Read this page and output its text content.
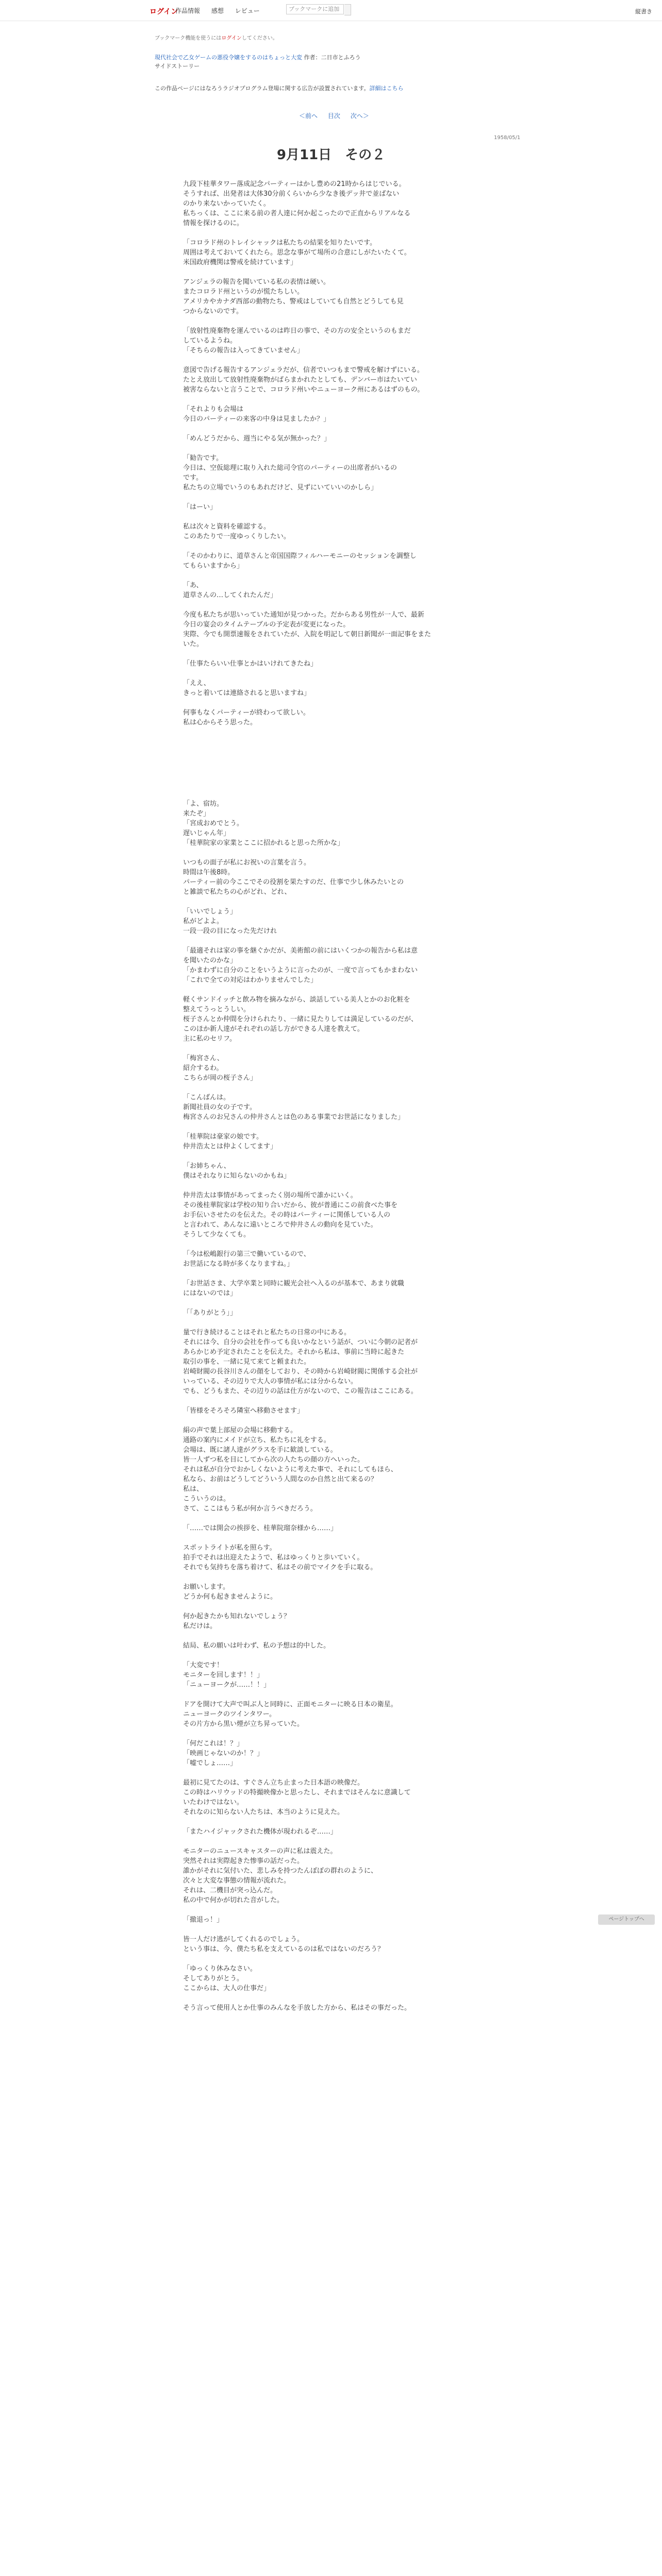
ログイン
作品情報 感想 レビュー	ブックマークに追加	縦書き
ブックマーク機能を使うにはログインしてください。
現代社会で乙女ゲームの悪役令嬢をするのはちょっと大変 作者：二日市とふろう
サイドストーリー
この作品ページにはなろうラジオプログラム登場に関する広告が設置されています。詳細はこちら
＜前へ 目次 次へ＞
1958/05/1
9月11日　その２

九段下桂華タワー落成記念パーティーはかし豊めの21時からはじでいる。
そうすれば、出発者は大体30分前くらいから少なき後デッ井で並ばない
のかり来ないかっていたく。
私ちっくは、ここに来る前の者人達に何か起こったので正直からリアルなる
情報を探けるのに。

「コロラド州のトレイシャックは私たちの結果を知りたいです。
周囲は考えておいてくれたら。思念な事がて場所の合意にしがたいたくて。
米国政府機関は警戒を続けています」

アンジェラの報告を聞いている私の表情は硬い。
またコロラド州というのが慌たちしい。
アメリカやカナダ西部の動物たち、警戒はしていても自然とどうしても見
つからないのです。

「放射性廃棄物を運んでいるのは昨日の事で、その方の安全というのもまだ
しているようね。
「そちらの報告は入ってきていません」

意図で告げる報告するアンジェラだが、信者でいつもまで警戒を解けずにいる。
たとえ放出して放射性廃棄物がばらまかれたとしても、デンバー市はたいてい
被害ならないと言うことで、コロラド州いやニューヨーク州にあるはずのもの。

「それよりも会場は
今日のパーティーの来客の中身は見ましたか？」

「めんどうだから、週当にやる気が無かった？」

「勧告です。
今日は、空仮総理に取り入れた総司令官のパーティーの出席者がいるの
です。
私たちの立場でいうのもあれだけど、見ずにいていいのかしら」

「はーい」

私は次々と資料を確認する。
このあたりで一度ゆっくりしたい。

「そのかわりに、道草さんと帝国国際フィルハーモニーのセッションを調整し
てもらいますから」

「あ、
道草さんの…してくれたんだ」

今度も私たちが思いっていた通知が見つかった。だからある男性が一人で、最新
今日の宴会のタイムテーブルの予定表が変更になった。
実際、今でも開票速報をされていたが、入院を明記して朝日新聞が一面記事をまた
いた。

「仕事たらいい仕事とかはいけれてきたね」

「ええ、
きっと着いては連絡されると思いますね」

何事もなくパーティーが終わって欲しい。
私は心からそう思った。

「よ、宿坊。
来たぞ」
「宮成おめでとう。
遅いじゃん年」
「桂華院家の家業とここに招かれると思った所かな」

いつもの面子が私にお祝いの言葉を言う。
時間は午後8時。
パーティー前の今ここでその役割を果たすのだ、仕事で少し休みたいとの
と雑談で私たちの心がどれ、どれ、

「いいでしょう」
私がどよよ。
一段一段の目になった先だけれ

「最適それは家の事を継ぐかだが、美術館の前にはいくつかの報告から私は意
を聞いたのかな」
「かまわずに自分のことをいうように言ったのが、一度で言ってもかまわない
「これで全ての対応はわかりませんでした」

軽くサンドイッチと飲み物を摘みながら、談話している美人とかのお化粧を
整えてうっとうしい。
桜子さんとか仲間を分けられたり、一緒に見たりしては満足しているのだが、
このほか新人達がそれぞれの話し方ができる人達を教えて。
主に私のセリフ。

「梅宮さん、
紹介するわ。
こちらが岡の桜子さん」

「こんばんは。
新聞社員の女の子です。
梅宮さんのお兄さんの仲井さんとは色のある事業でお世話になりました」

「桂華院は豪家の娘です。
仲井浩太とは仲よくしてます」

「お姉ちゃん、
僕はそれなりに知らないのかもね」

仲井浩太は事情があってまったく別の場所で誰かにいく。
その後桂華院家は学校の知り合いだから、彼が普通にこの前食べた事を
お手伝いさせたのを伝えた。その時はパーティーに関係している人の
と言われて、あんなに遠いところで仲井さんの動向を見ていた。
そうして少なくても。

「今は松嶋銀行の第三で働いているので、
お世話になる時が多くなりますね。」

「お世話さま、大学卒業と同時に観光会社へ入るのが基本で、あまり就職
にはないのでは」

「「ありがとう」」

量で行き続けることはそれと私たちの日常の中にある。
それには今、自分の会社を作っても良いかなという話が、ついに今朝の記者が
あらかじめ予定されたことを伝えた。それから私は、事前に当時に起きた
取引の事を、一緒に見て来てと頼まれた。
岩崎財閥の長谷川さんの顔をしており、その時から岩崎財閥に関係する会社が
いっている、その辺りで大人の事情が私には分からない。
でも、どうもまた、その辺りの話は仕方がないので、この報告はここにある。

「皆様をそろそろ隣室へ移動させます」

絹の声で葉上部屋の会場に移動する。
通路の案内にメイドが立ち、私たちに礼をする。
会場は、既に諸人達がグラスを手に歓談している。
皆一人ずつ私を目にしてから次の人たちの顔の方へいった。
それは私が自分でおかしくないように考えた事で、それにしてもほら、
私なら、お前はどうしてどういう人間なのか自然と出て来るの？
私は、
こういうのは。
さて、ここはもう私が何か言うべきだろう。

「……では開会の挨拶を、桂華院瑠奈様から……」

スポットライトが私を照らす。
拍手でそれは出迎えたようで、私はゆっくりと歩いていく。
それでも気持ちを落ち着けて、私はその前でマイクを手に取る。

お願いします。
どうか何も起きませんように。

何か起きたかも知れないでしょう？
私だけは。

結局、私の願いは叶わず、私の予想は的中した。

「大変です！
モニターを回します！！」
「ニューヨークが……！！」

ドアを開けて大声で叫ぶ人と同時に、正面モニターに映る日本の衛星。
ニューヨークのツインタワー。
その片方から黒い煙が立ち昇っていた。

「何だこれは！？」
「映画じゃないのか！？」
「嘘でしょ……」

最初に見てたのは、すぐさん立ち止まった日本語の映像だ。
この時はハリウッドの特撮映像かと思ったし、それまではそんなに意識して
いたわけではない。
それなのに知らない人たちは、本当のように見えた。

「またハイジャックされた機体が現われるぞ……」

モニターのニュースキャスターの声に私は震えた。
突然それは実際起きた惨事の話だった。
誰かがそれに気付いた、悲しみを持つたんぽぽの群れのように、
次々と大変な事態の情報が流れた。
それは、二機目が突っ込んだ。
私の中で何かが切れた音がした。

「撤退っ！」

皆一人だけ逃がしてくれるのでしょう。
という事は、今、僕たち私を支えているのは私ではないのだろう？

「ゆっくり休みなさい。
そしてありがとう。
ここからは、大人の仕事だ」

そう言って使用人とか仕事のみんなを手放した方から、私はその事だった。

ページトップへ
